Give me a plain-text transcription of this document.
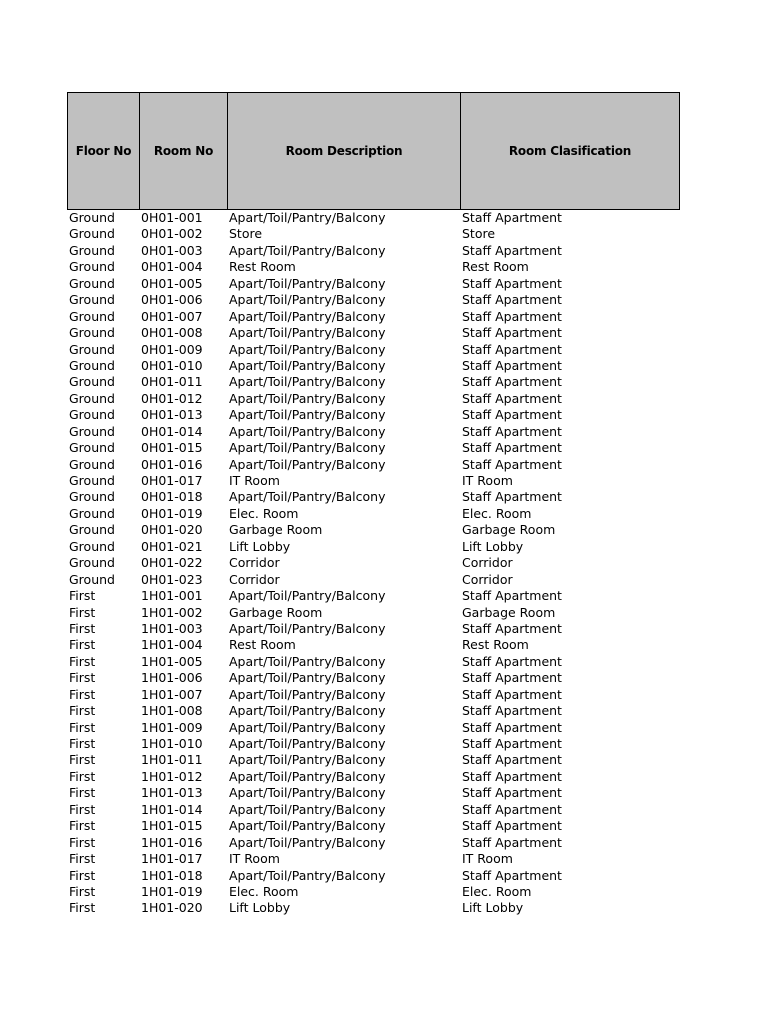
Floor No	Room No	Room Description	Room Clasification
Ground	0H01-001	Apart/Toil/Pantry/Balcony	Staff Apartment
Ground	0H01-002	Store	Store
Ground	0H01-003	Apart/Toil/Pantry/Balcony	Staff Apartment
Ground	0H01-004	Rest Room	Rest Room
Ground	0H01-005	Apart/Toil/Pantry/Balcony	Staff Apartment
Ground	0H01-006	Apart/Toil/Pantry/Balcony	Staff Apartment
Ground	0H01-007	Apart/Toil/Pantry/Balcony	Staff Apartment
Ground	0H01-008	Apart/Toil/Pantry/Balcony	Staff Apartment
Ground	0H01-009	Apart/Toil/Pantry/Balcony	Staff Apartment
Ground	0H01-010	Apart/Toil/Pantry/Balcony	Staff Apartment
Ground	0H01-011	Apart/Toil/Pantry/Balcony	Staff Apartment
Ground	0H01-012	Apart/Toil/Pantry/Balcony	Staff Apartment
Ground	0H01-013	Apart/Toil/Pantry/Balcony	Staff Apartment
Ground	0H01-014	Apart/Toil/Pantry/Balcony	Staff Apartment
Ground	0H01-015	Apart/Toil/Pantry/Balcony	Staff Apartment
Ground	0H01-016	Apart/Toil/Pantry/Balcony	Staff Apartment
Ground	0H01-017	IT Room	IT Room
Ground	0H01-018	Apart/Toil/Pantry/Balcony	Staff Apartment
Ground	0H01-019	Elec. Room	Elec. Room
Ground	0H01-020	Garbage Room	Garbage Room
Ground	0H01-021	Lift Lobby	Lift Lobby
Ground	0H01-022	Corridor	Corridor
Ground	0H01-023	Corridor	Corridor
First	1H01-001	Apart/Toil/Pantry/Balcony	Staff Apartment
First	1H01-002	Garbage Room	Garbage Room
First	1H01-003	Apart/Toil/Pantry/Balcony	Staff Apartment
First	1H01-004	Rest Room	Rest Room
First	1H01-005	Apart/Toil/Pantry/Balcony	Staff Apartment
First	1H01-006	Apart/Toil/Pantry/Balcony	Staff Apartment
First	1H01-007	Apart/Toil/Pantry/Balcony	Staff Apartment
First	1H01-008	Apart/Toil/Pantry/Balcony	Staff Apartment
First	1H01-009	Apart/Toil/Pantry/Balcony	Staff Apartment
First	1H01-010	Apart/Toil/Pantry/Balcony	Staff Apartment
First	1H01-011	Apart/Toil/Pantry/Balcony	Staff Apartment
First	1H01-012	Apart/Toil/Pantry/Balcony	Staff Apartment
First	1H01-013	Apart/Toil/Pantry/Balcony	Staff Apartment
First	1H01-014	Apart/Toil/Pantry/Balcony	Staff Apartment
First	1H01-015	Apart/Toil/Pantry/Balcony	Staff Apartment
First	1H01-016	Apart/Toil/Pantry/Balcony	Staff Apartment
First	1H01-017	IT Room	IT Room
First	1H01-018	Apart/Toil/Pantry/Balcony	Staff Apartment
First	1H01-019	Elec. Room	Elec. Room
First	1H01-020	Lift Lobby	Lift Lobby
